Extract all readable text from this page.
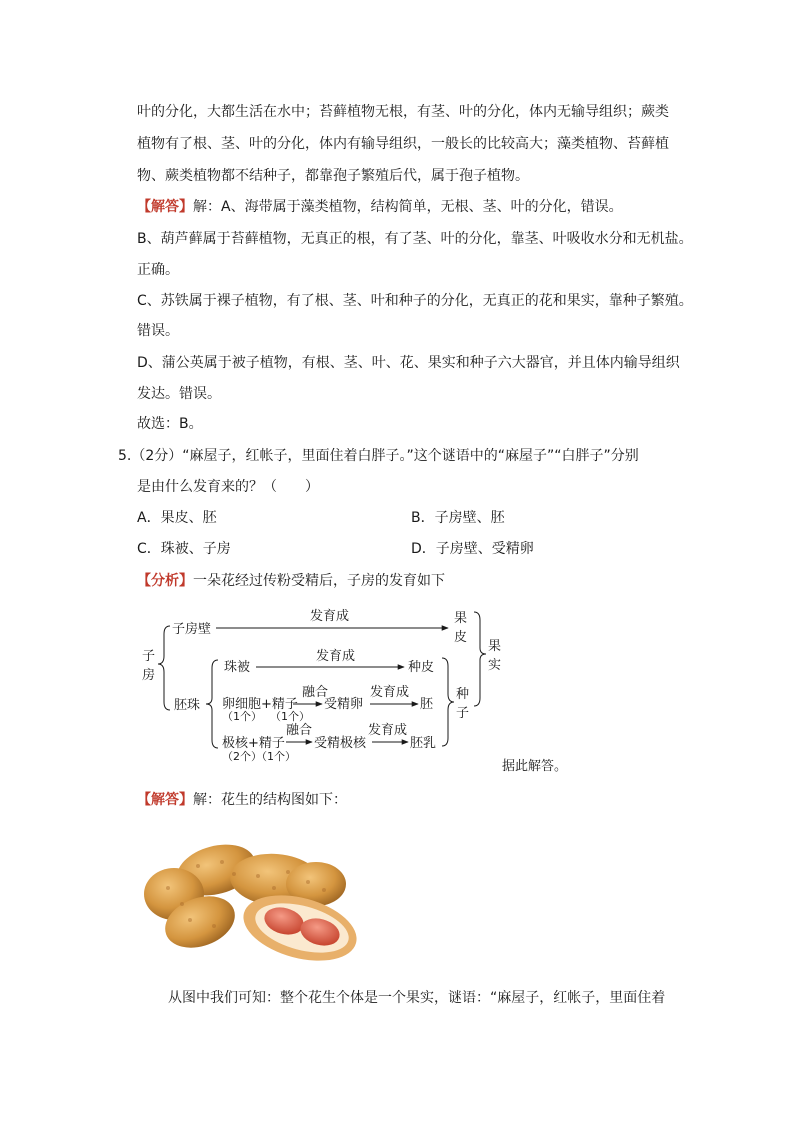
叶的分化，大都生活在水中；苔藓植物无根，有茎、叶的分化，体内无输导组织；蕨类
植物有了根、茎、叶的分化，体内有输导组织，一般长的比较高大；藻类植物、苔藓植
物、蕨类植物都不结种子，都靠孢子繁殖后代，属于孢子植物。
【解答】解：A、海带属于藻类植物，结构简单，无根、茎、叶的分化，错误。
B、葫芦藓属于苔藓植物，无真正的根，有了茎、叶的分化，靠茎、叶吸收水分和无机盐。
正确。
C、苏铁属于裸子植物，有了根、茎、叶和种子的分化，无真正的花和果实，靠种子繁殖。
错误。
D、蒲公英属于被子植物，有根、茎、叶、花、果实和种子六大器官，并且体内输导组织
发达。错误。
故选：B。
5.（2分）“麻屋子，红帐子，里面住着白胖子。”这个谜语中的“麻屋子”“白胖子”分别
是由什么发育来的？（　　）
A．果皮、胚	B．子房壁、胚
C．珠被、子房	D．子房壁、受精卵
【分析】一朵花经过传粉受精后，子房的发育如下
子
房
子房壁
发育成	果
皮
果
实
胚珠
珠被
发育成
种皮
卵细胞+精子
（1个） （1个）
融合
受精卵
发育成
胚
种
子
极核+精子
（2个）
（1个）
融合
受精极核
发育成
胚乳
据此解答。
【解答】解：花生的结构图如下：
从图中我们可知：整个花生个体是一个果实，谜语：“麻屋子，红帐子，里面住着
